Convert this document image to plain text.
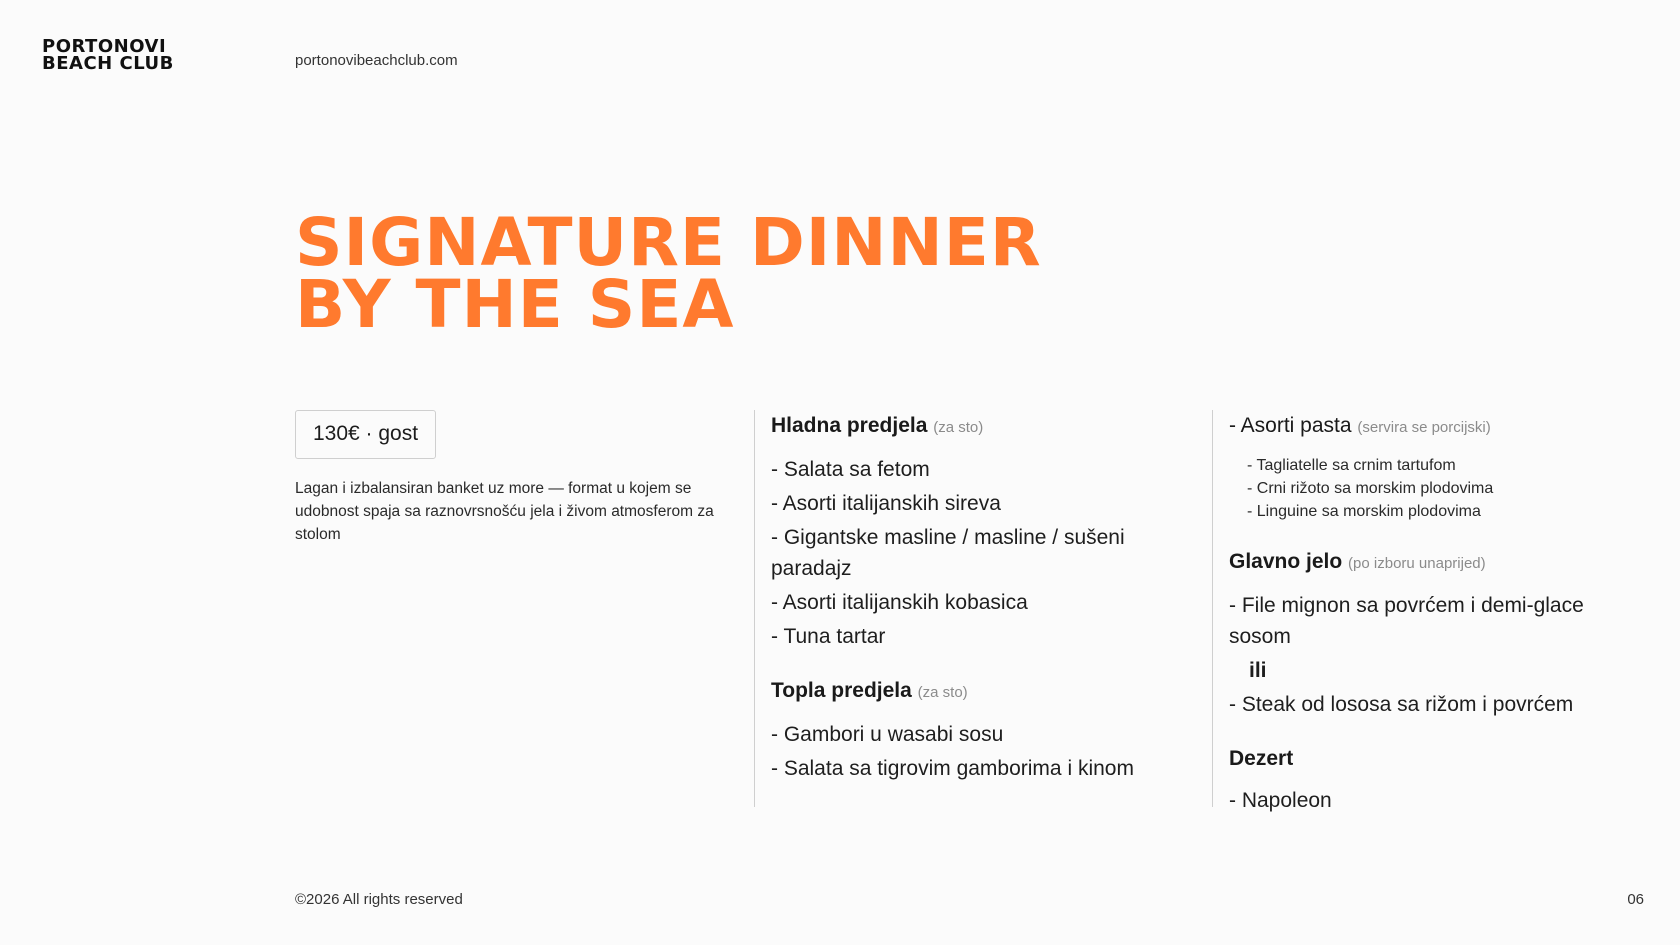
PORTONOVI
BEACH CLUB	portonovibeachclub.com
SIGNATURE DINNER
BY THE SEA
130€ · gost
Lagan i izbalansiran banket uz more — format u kojem se udobnost spaja sa raznovrsnošću jela i živom atmosferom za stolom
Hladna predjela (za sto)
- Salata sa fetom
- Asorti italijanskih sireva
- Gigantske masline / masline / sušeni paradajz
- Asorti italijanskih kobasica
- Tuna tartar
Topla predjela (za sto)
- Gambori u wasabi sosu
- Salata sa tigrovim gamborima i kinom
- Asorti pasta (servira se porcijski)
- Tagliatelle sa crnim tartufom
- Crni rižoto sa morskim plodovima
- Linguine sa morskim plodovima
Glavno jelo (po izboru unaprijed)
- File mignon sa povrćem i demi-glace sosom
ili
- Steak od lososa sa rižom i povrćem
Dezert
- Napoleon
©2026 All rights reserved	06
